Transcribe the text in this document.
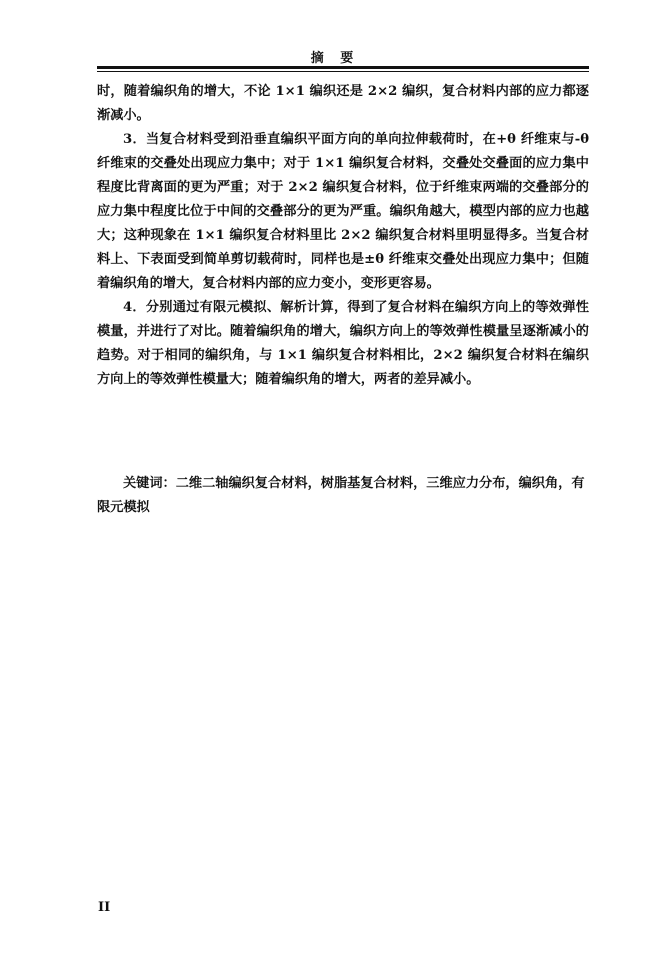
摘 要

时，随着编织角的增大，不论 1×1 编织还是 2×2 编织，复合材料内部的应力都逐渐减小。

3．当复合材料受到沿垂直编织平面方向的单向拉伸载荷时，在+θ 纤维束与-θ 纤维束的交叠处出现应力集中；对于 1×1 编织复合材料，交叠处交叠面的应力集中程度比背离面的更为严重；对于 2×2 编织复合材料，位于纤维束两端的交叠部分的应力集中程度比位于中间的交叠部分的更为严重。编织角越大，模型内部的应力也越大；这种现象在 1×1 编织复合材料里比 2×2 编织复合材料里明显得多。当复合材料上、下表面受到简单剪切载荷时，同样也是±θ 纤维束交叠处出现应力集中；但随着编织角的增大，复合材料内部的应力变小，变形更容易。

4．分别通过有限元模拟、解析计算，得到了复合材料在编织方向上的等效弹性模量，并进行了对比。随着编织角的增大，编织方向上的等效弹性模量呈逐渐减小的趋势。对于相同的编织角，与 1×1 编织复合材料相比，2×2 编织复合材料在编织方向上的等效弹性模量大；随着编织角的增大，两者的差异减小。

关键词：二维二轴编织复合材料，树脂基复合材料，三维应力分布，编织角，有限元模拟
II
